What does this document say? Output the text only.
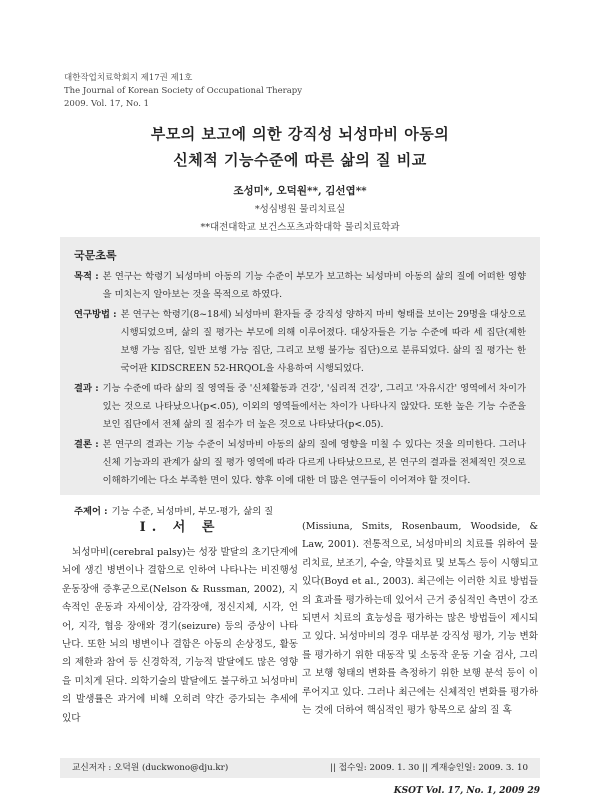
대한작업치료학회지 제17권 제1호
The Journal of Korean Society of Occupational Therapy
2009. Vol. 17, No. 1
부모의 보고에 의한 강직성 뇌성마비 아동의
신체적 기능수준에 따른 삶의 질 비교
조성미*, 오덕원**, 김선엽**
*성심병원 물리치료실
**대전대학교 보건스포츠과학대학 물리치료학과
국문초록
목적 : 본 연구는 학령기 뇌성마비 아동의 기능 수준이 부모가 보고하는 뇌성마비 아동의 삶의 질에 어떠한 영향을 미치는지 알아보는 것을 목적으로 하였다.
연구방법 : 본 연구는 학령기(8~18세) 뇌성마비 환자들 중 강직성 양하지 마비 형태를 보이는 29명을 대상으로 시행되었으며, 삶의 질 평가는 부모에 의해 이루어졌다. 대상자들은 기능 수준에 따라 세 집단(제한 보행 가능 집단, 일반 보행 가능 집단, 그리고 보행 불가능 집단)으로 분류되었다. 삶의 질 평가는 한국어판 KIDSCREEN 52-HRQOL을 사용하여 시행되었다.
결과 : 기능 수준에 따라 삶의 질 영역들 중 '신체활동과 건강', '심리적 건강', 그리고 '자유시간' 영역에서 차이가 있는 것으로 나타났으나(p<.05), 이외의 영역들에서는 차이가 나타나지 않았다. 또한 높은 기능 수준을 보인 집단에서 전체 삶의 질 점수가 더 높은 것으로 나타났다(p<.05).
결론 : 본 연구의 결과는 기능 수준이 뇌성마비 아동의 삶의 질에 영향을 미칠 수 있다는 것을 의미한다. 그러나 신체 기능과의 관계가 삶의 질 평가 영역에 따라 다르게 나타났으므로, 본 연구의 결과를 전체적인 것으로 이해하기에는 다소 부족한 면이 있다. 향후 이에 대한 더 많은 연구들이 이어져야 할 것이다.
주제어 : 기능 수준, 뇌성마비, 부모-평가, 삶의 질
I. 서 론
뇌성마비(cerebral palsy)는 성장 발달의 초기단계에 뇌에 생긴 병변이나 결함으로 인하여 나타나는 비진행성 운동장애 증후군으로(Nelson & Russman, 2002), 지속적인 운동과 자세이상, 감각장애, 정신지체, 시각, 언어, 지각, 협응 장애와 경기(seizure) 등의 증상이 나타난다. 또한 뇌의 병변이나 결함은 아동의 손상정도, 활동의 제한과 참여 등 신경학적, 기능적 발달에도 많은 영향을 미치게 된다. 의학기술의 발달에도 불구하고 뇌성마비의 발생률은 과거에 비해 오히려 약간 증가되는 추세에 있다
(Missiuna, Smits, Rosenbaum, Woodside, & Law, 2001). 전통적으로, 뇌성마비의 치료를 위하여 물리치료, 보조기, 수술, 약물치료 및 보톡스 등이 시행되고 있다(Boyd et al., 2003). 최근에는 이러한 치료 방법들의 효과를 평가하는데 있어서 근거 중심적인 측면이 강조되면서 치료의 효능성을 평가하는 많은 방법들이 제시되고 있다. 뇌성마비의 경우 대부분 강직성 평가, 기능 변화를 평가하기 위한 대동작 및 소동작 운동 기술 검사, 그리고 보행 형태의 변화를 측정하기 위한 보행 분석 등이 이루어지고 있다. 그러나 최근에는 신체적인 변화를 평가하는 것에 더하여 핵심적인 평가 항목으로 삶의 질 혹
교신저자 : 오덕원 (duckwono@dju.kr)	|| 접수일: 2009. 1. 30 || 게재승인일: 2009. 3. 10
KSOT Vol. 17, No. 1, 2009 29
